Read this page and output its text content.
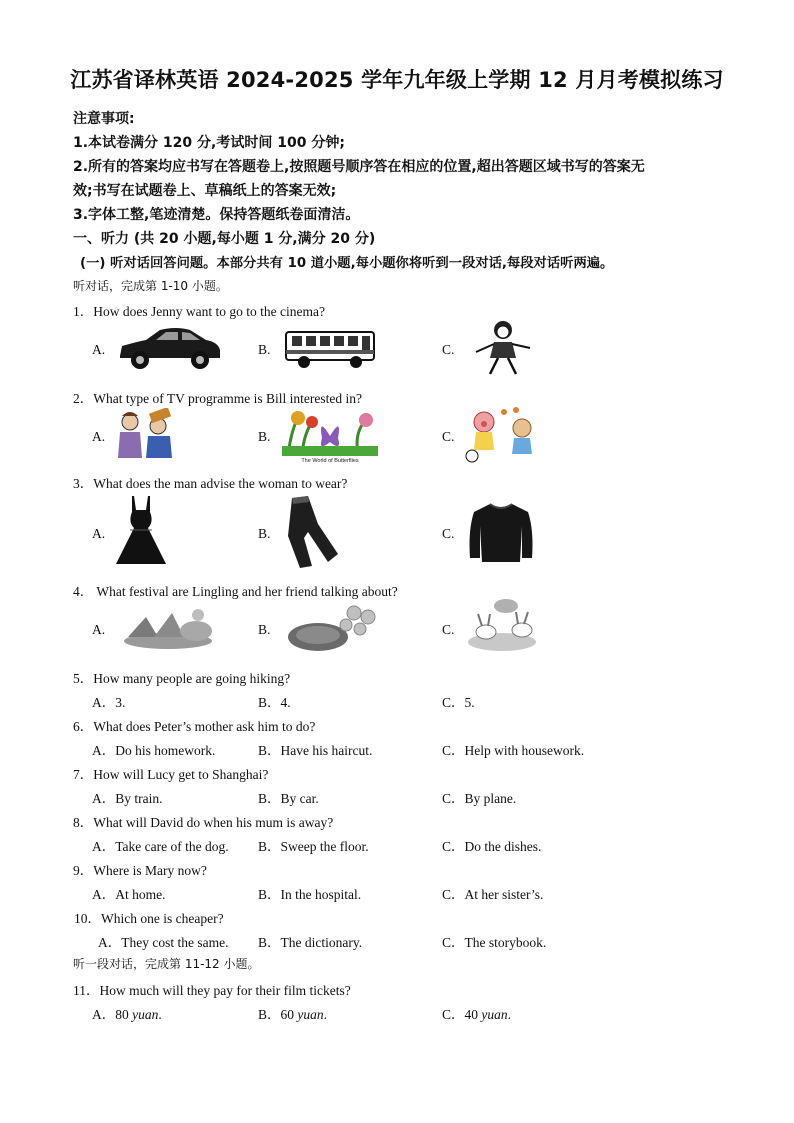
江苏省译林英语 2024-2025 学年九年级上学期 12 月月考模拟练习
注意事项:
1.本试卷满分 120 分,考试时间 100 分钟;
2.所有的答案均应书写在答题卷上,按照题号顺序答在相应的位置,超出答题区域书写的答案无
效;书写在试题卷上、草稿纸上的答案无效;
3.字体工整,笔迹清楚。保持答题纸卷面清洁。
一、听力 (共 20 小题,每小题 1 分,满分 20 分)
(一) 听对话回答问题。本部分共有 10 道小题,每小题你将听到一段对话,每段对话听两遍。
听对话，完成第 1-10 小题。
1．How does Jenny want to go to the cinema?
A.	B.	C.
2．What type of TV programme is Bill interested in?
A.	B.	C.
The World of Butterflies
3．What does the man advise the woman to wear?
A.	B.	C.
4． What festival are Lingling and her friend talking about?
A.	B.	C.
5．How many people are going hiking?
A．3.	B．4.	C．5.
6．What does Peter’s mother ask him to do?
A．Do his homework.	B．Have his haircut.	C．Help with housework.
7．How will Lucy get to Shanghai?
A．By train.	B．By car.	C．By plane.
8．What will David do when his mum is away?
A．Take care of the dog. B．Sweep the floor.	C．Do the dishes.
9．Where is Mary now?
A．At home.	B．In the hospital.	C．At her sister’s.
10．Which one is cheaper?
A．They cost the same. B．The dictionary.	C．The storybook.
听一段对话，完成第 11-12 小题。
11．How much will they pay for their film tickets?
A．80 yuan.	B．60 yuan.	C．40 yuan.
